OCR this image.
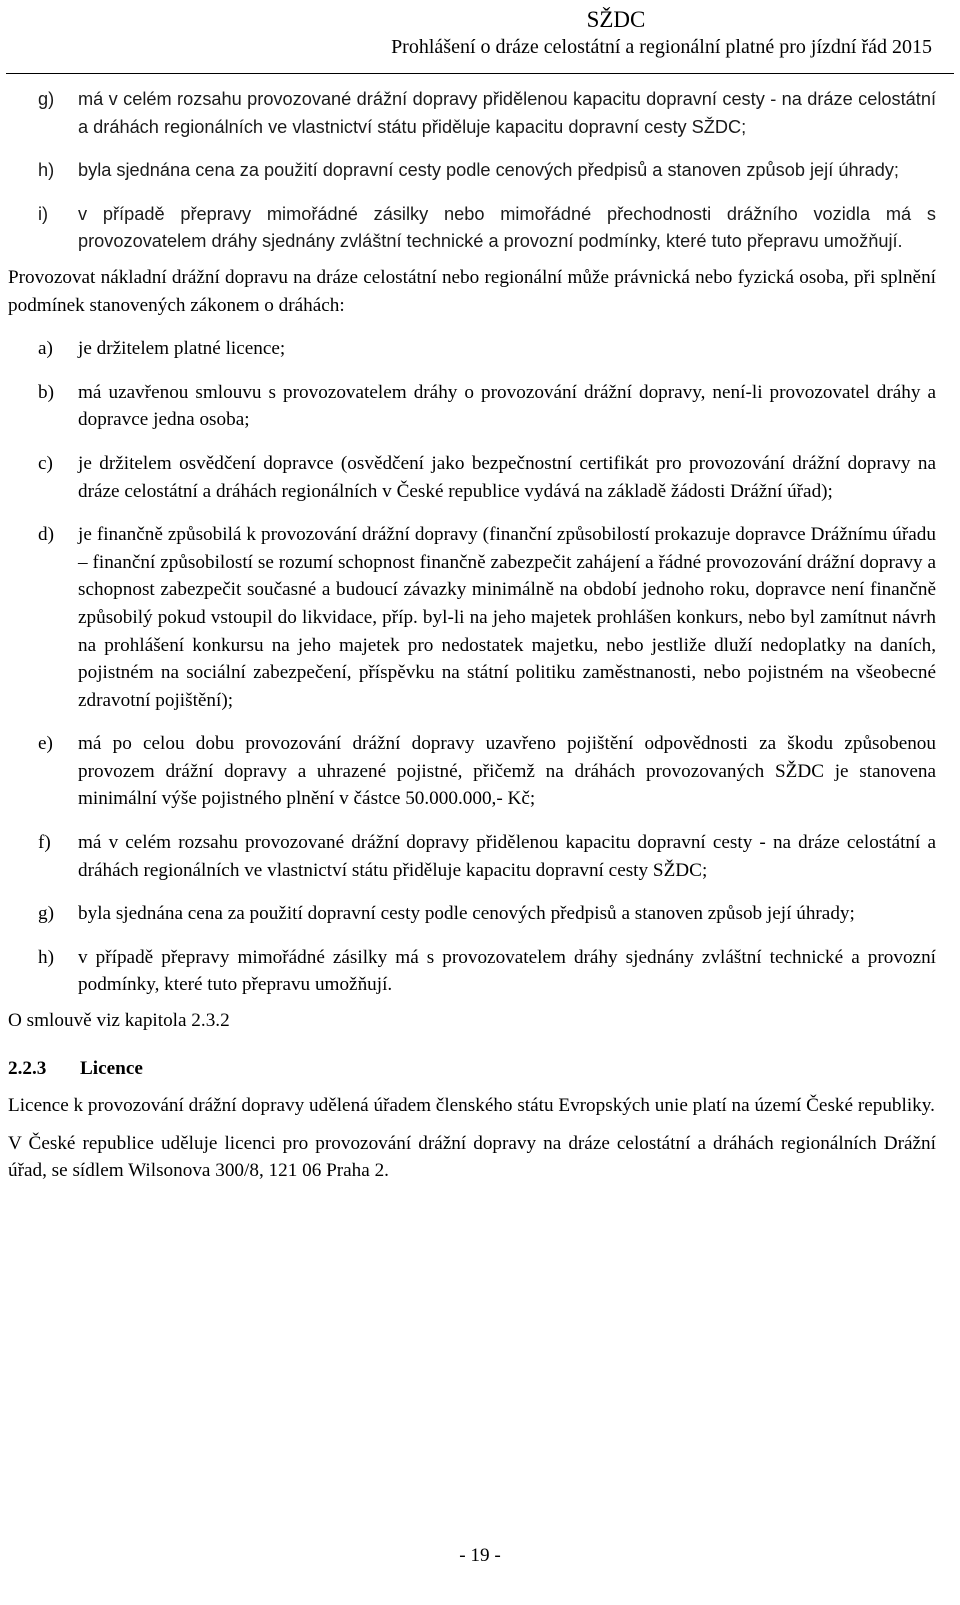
SŽDC
Prohlášení o dráze celostátní a regionální platné pro jízdní řád 2015
g) má v celém rozsahu provozované drážní dopravy přidělenou kapacitu dopravní cesty - na dráze celostátní a dráhách regionálních ve vlastnictví státu přiděluje kapacitu dopravní cesty SŽDC;
h) byla sjednána cena za použití dopravní cesty podle cenových předpisů a stanoven způsob její úhrady;
i) v případě přepravy mimořádné zásilky nebo mimořádné přechodnosti drážního vozidla má s provozovatelem dráhy sjednány zvláštní technické a provozní podmínky, které tuto přepravu umožňují.

Provozovat nákladní drážní dopravu na dráze celostátní nebo regionální může právnická nebo fyzická osoba, při splnění podmínek stanovených zákonem o dráhách:

a) je držitelem platné licence;
b) má uzavřenou smlouvu s provozovatelem dráhy o provozování drážní dopravy, není-li provozovatel dráhy a dopravce jedna osoba;
c) je držitelem osvědčení dopravce (osvědčení jako bezpečnostní certifikát pro provozování drážní dopravy na dráze celostátní a dráhách regionálních v České republice vydává na základě žádosti Drážní úřad);
d) je finančně způsobilá k provozování drážní dopravy (finanční způsobilostí prokazuje dopravce Drážnímu úřadu – finanční způsobilostí se rozumí schopnost finančně zabezpečit zahájení a řádné provozování drážní dopravy a schopnost zabezpečit současné a budoucí závazky minimálně na období jednoho roku, dopravce není finančně způsobilý pokud vstoupil do likvidace, příp. byl-li na jeho majetek prohlášen konkurs, nebo byl zamítnut návrh na prohlášení konkursu na jeho majetek pro nedostatek majetku, nebo jestliže dluží nedoplatky na daních, pojistném na sociální zabezpečení, příspěvku na státní politiku zaměstnanosti, nebo pojistném na všeobecné zdravotní pojištění);
e) má po celou dobu provozování drážní dopravy uzavřeno pojištění odpovědnosti za škodu způsobenou provozem drážní dopravy a uhrazené pojistné, přičemž na dráhách provozovaných SŽDC je stanovena minimální výše pojistného plnění v částce 50.000.000,- Kč;
f) má v celém rozsahu provozované drážní dopravy přidělenou kapacitu dopravní cesty - na dráze celostátní a dráhách regionálních ve vlastnictví státu přiděluje kapacitu dopravní cesty SŽDC;
g) byla sjednána cena za použití dopravní cesty podle cenových předpisů a stanoven způsob její úhrady;
h) v případě přepravy mimořádné zásilky má s provozovatelem dráhy sjednány zvláštní technické a provozní podmínky, které tuto přepravu umožňují.

O smlouvě viz kapitola 2.3.2

2.2.3 Licence

Licence k provozování drážní dopravy udělená úřadem členského státu Evropských unie platí na území České republiky.

V České republice uděluje licenci pro provozování drážní dopravy na dráze celostátní a dráhách regionálních Drážní úřad, se sídlem Wilsonova 300/8, 121 06 Praha 2.

- 19 -
